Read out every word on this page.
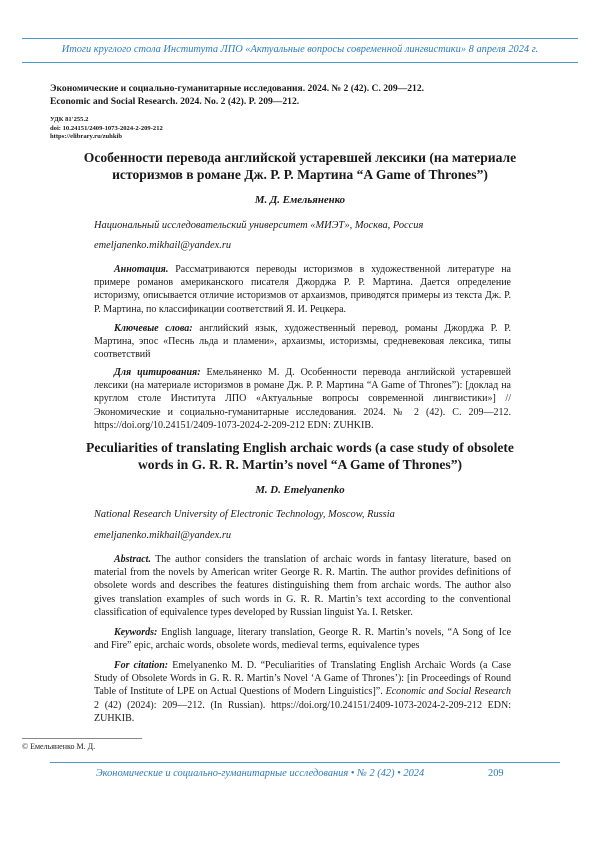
Итоги круглого стола Института ЛПО «Актуальные вопросы современной лингвистики» 8 апреля 2024 г.
Экономические и социально-гуманитарные исследования. 2024. № 2 (42). С. 209—212.
Economic and Social Research. 2024. No. 2 (42). P. 209—212.
УДК 81'255.2
doi: 10.24151/2409-1073-2024-2-209-212
https://elibrary.ru/zuhkib
Особенности перевода английской устаревшей лексики (на материале историзмов в романе Дж. Р. Р. Мартина “A Game of Thrones”)
М. Д. Емельяненко
Национальный исследовательский университет «МИЭТ», Москва, Россия
emeljanenko.mikhail@yandex.ru
Аннотация. Рассматриваются переводы историзмов в художественной литературе на примере романов американского писателя Джорджа Р. Р. Мартина. Дается определение историзму, описывается отличие историзмов от архаизмов, приводятся примеры из текста Дж. Р. Р. Мартина, по классификации соответствий Я. И. Рецкера.
Ключевые слова: английский язык, художественный перевод, романы Джорджа Р. Р. Мартина, эпос «Песнь льда и пламени», архаизмы, историзмы, средневековая лексика, типы соответствий
Для цитирования: Емельяненко М. Д. Особенности перевода английской устаревшей лексики (на материале историзмов в романе Дж. Р. Р. Мартина “A Game of Thrones”): [доклад на круглом столе Института ЛПО «Актуальные вопросы современной лингвистики»] // Экономические и социально-гуманитарные исследования. 2024. № 2 (42). С. 209—212. https://doi.org/10.24151/2409-1073-2024-2-209-212 EDN: ZUHKIB.
Peculiarities of translating English archaic words (a case study of obsolete words in G. R. R. Martin’s novel “A Game of Thrones”)
M. D. Emelyanenko
National Research University of Electronic Technology, Moscow, Russia
emeljanenko.mikhail@yandex.ru
Abstract. The author considers the translation of archaic words in fantasy literature, based on material from the novels by American writer George R. R. Martin. The author provides definitions of obsolete words and describes the features distinguishing them from archaic words. The author also gives translation examples of such words in G. R. R. Martin’s text according to the conventional classification of equivalence types developed by Russian linguist Ya. I. Retsker.
Keywords: English language, literary translation, George R. R. Martin’s novels, “A Song of Ice and Fire” epic, archaic words, obsolete words, medieval terms, equivalence types
For citation: Emelyanenko M. D. “Peculiarities of Translating English Archaic Words (a Case Study of Obsolete Words in G. R. R. Martin’s Novel ‘A Game of Thrones’): [in Proceedings of Round Table of Institute of LPE on Actual Questions of Modern Linguistics]”. Economic and Social Research 2 (42) (2024): 209—212. (In Russian). https://doi.org/10.24151/2409-1073-2024-2-209-212 EDN: ZUHKIB.
© Емельяненко М. Д.
Экономические и социально-гуманитарные исследования • № 2 (42) • 2024	209
